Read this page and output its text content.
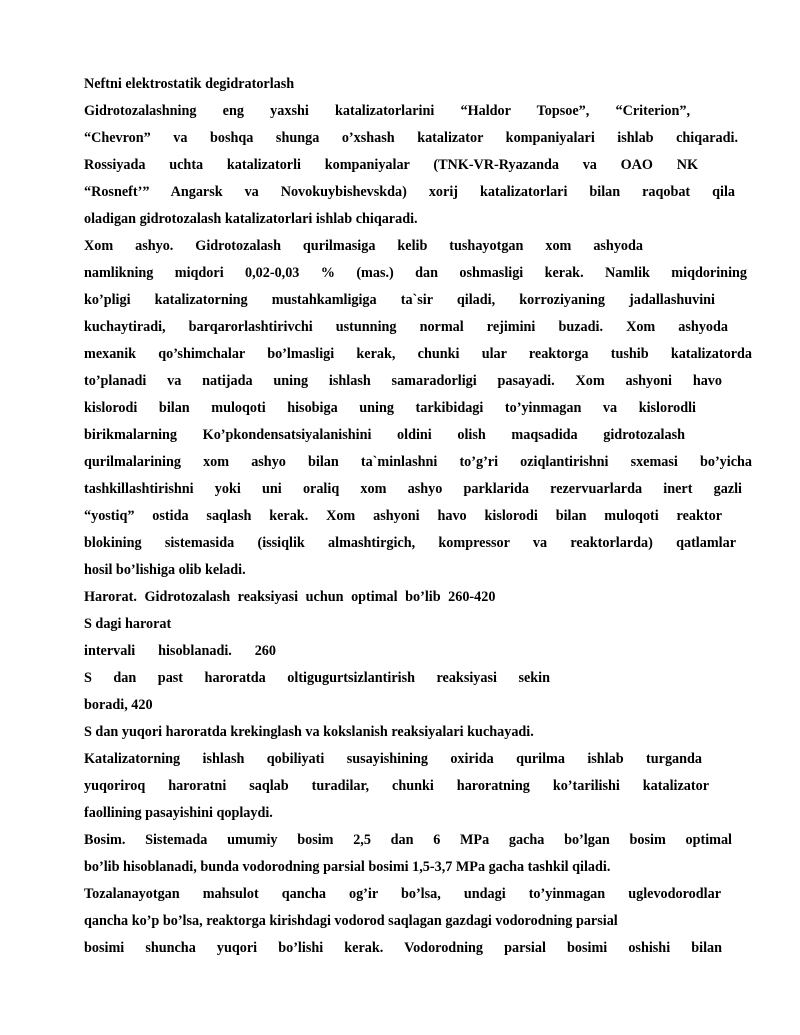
Neftni elektrostatik degidratorlash
Gidrotozalashning eng yaxshi katalizatorlarini “Haldor Topsoe”, “Criterion”,
“Chevron” va boshqa shunga o’xshash katalizator kompaniyalari ishlab chiqaradi.
Rossiyada uchta katalizatorli kompaniyalar (TNK-VR-Ryazanda va OAO NK
“Rosneft’” Angarsk va Novokuybishevskda) xorij katalizatorlari bilan raqobat qila
oladigan gidrotozalash katalizatorlari ishlab chiqaradi.
Xom ashyo. Gidrotozalash qurilmasiga kelib tushayotgan xom ashyoda
namlikning miqdori 0,02-0,03 % (mas.) dan oshmasligi kerak. Namlik miqdorining
ko’pligi katalizatorning mustahkamligiga ta`sir qiladi, korroziyaning jadallashuvini
kuchaytiradi, barqarorlashtirivchi ustunning normal rejimini buzadi. Xom ashyoda
mexanik qo’shimchalar bo’lmasligi kerak, chunki ular reaktorga tushib katalizatorda
to’planadi va natijada uning ishlash samaradorligi pasayadi. Xom ashyoni havo
kislorodi bilan muloqoti hisobiga uning tarkibidagi to’yinmagan va kislorodli
birikmalarning Ko’pkondensatsiyalanishini oldini olish maqsadida gidrotozalash
qurilmalarining xom ashyo bilan ta`minlashni to’g’ri oziqlantirishni sxemasi bo’yicha
tashkillashtirishni yoki uni oraliq xom ashyo parklarida rezervuarlarda inert gazli
“yostiq” ostida saqlash kerak. Xom ashyoni havo kislorodi bilan muloqoti reaktor
blokining sistemasida (issiqlik almashtirgich, kompressor va reaktorlarda) qatlamlar
hosil bo’lishiga olib keladi.
Harorat. Gidrotozalash reaksiyasi uchun optimal bo’lib 260-420
S dagi harorat
intervali hisoblanadi. 260
S dan past haroratda oltigugurtsizlantirish reaksiyasi sekin
boradi, 420
S dan yuqori haroratda krekinglash va kokslanish reaksiyalari kuchayadi.
Katalizatorning ishlash qobiliyati susayishining oxirida qurilma ishlab turganda
yuqoriroq haroratni saqlab turadilar, chunki haroratning ko’tarilishi katalizator
faollining pasayishini qoplaydi.
Bosim. Sistemada umumiy bosim 2,5 dan 6 MPa gacha bo’lgan bosim optimal
bo’lib hisoblanadi, bunda vodorodning parsial bosimi 1,5-3,7 MPa gacha tashkil qiladi.
Tozalanayotgan mahsulot qancha og’ir bo’lsa, undagi to’yinmagan uglevodorodlar
qancha ko’p bo’lsa, reaktorga kirishdagi vodorod saqlagan gazdagi vodorodning parsial
bosimi shuncha yuqori bo’lishi kerak. Vodorodning parsial bosimi oshishi bilan
